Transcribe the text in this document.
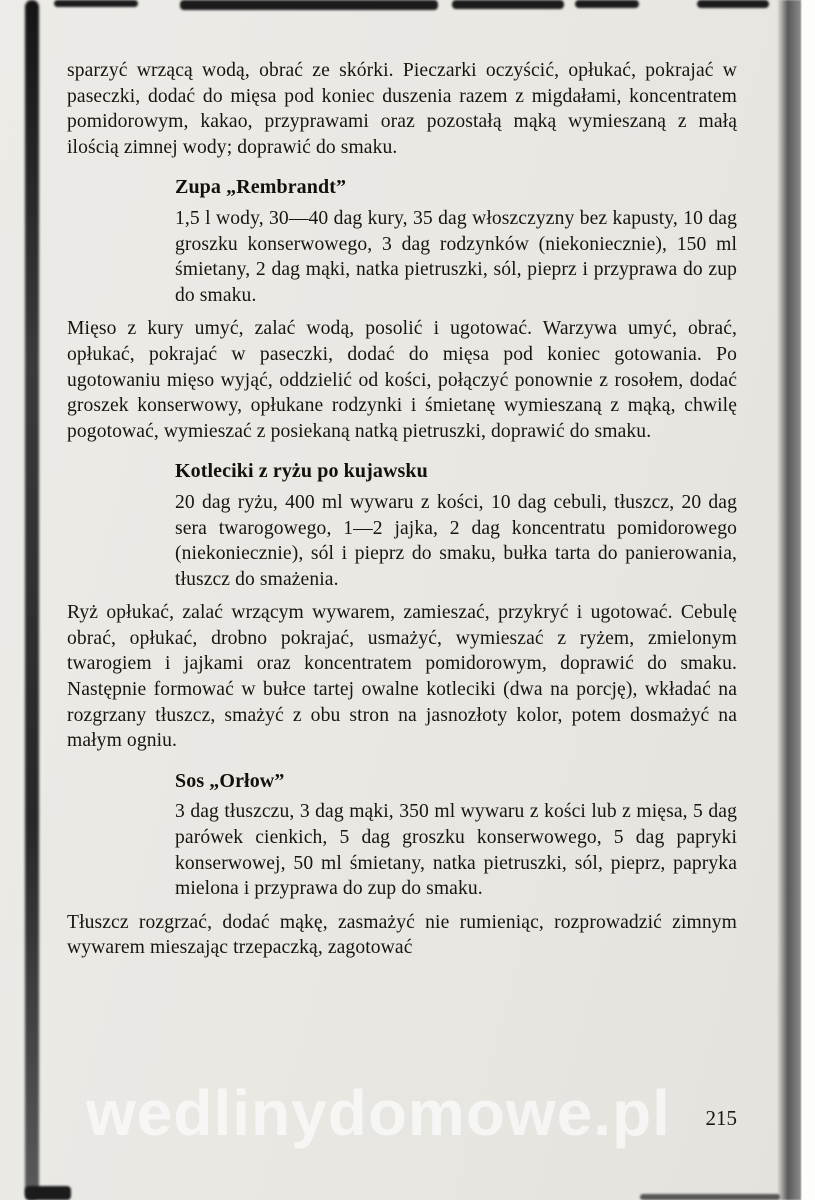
sparzyć wrzącą wodą, obrać ze skórki. Pieczarki oczyścić, opłukać, pokrajać w paseczki, dodać do mięsa pod koniec duszenia razem z migdałami, koncentratem pomidorowym, kakao, przyprawami oraz pozostałą mąką wymieszaną z małą ilością zimnej wody; doprawić do smaku.

Zupa „Rembrandt”

1,5 l wody, 30—40 dag kury, 35 dag włoszczyzny bez kapusty, 10 dag groszku konserwowego, 3 dag rodzynków (niekoniecznie), 150 ml śmietany, 2 dag mąki, natka pietruszki, sól, pieprz i przyprawa do zup do smaku.

Mięso z kury umyć, zalać wodą, posolić i ugotować. Warzywa umyć, obrać, opłukać, pokrajać w paseczki, dodać do mięsa pod koniec gotowania. Po ugotowaniu mięso wyjąć, oddzielić od kości, połączyć ponownie z rosołem, dodać groszek konserwowy, opłukane rodzynki i śmietanę wymieszaną z mąką, chwilę pogotować, wymieszać z posiekaną natką pietruszki, doprawić do smaku.

Kotleciki z ryżu po kujawsku

20 dag ryżu, 400 ml wywaru z kości, 10 dag cebuli, tłuszcz, 20 dag sera twarogowego, 1—2 jajka, 2 dag koncentratu pomidorowego (niekoniecznie), sól i pieprz do smaku, bułka tarta do panierowania, tłuszcz do smażenia.

Ryż opłukać, zalać wrzącym wywarem, zamieszać, przykryć i ugotować. Cebulę obrać, opłukać, drobno pokrajać, usmażyć, wymieszać z ryżem, zmielonym twarogiem i jajkami oraz koncentratem pomidorowym, doprawić do smaku. Następnie formować w bułce tartej owalne kotleciki (dwa na porcję), wkładać na rozgrzany tłuszcz, smażyć z obu stron na jasnozłoty kolor, potem dosmażyć na małym ogniu.

Sos „Orłow”

3 dag tłuszczu, 3 dag mąki, 350 ml wywaru z kości lub z mięsa, 5 dag parówek cienkich, 5 dag groszku konserwowego, 5 dag papryki konserwowej, 50 ml śmietany, natka pietruszki, sól, pieprz, papryka mielona i przyprawa do zup do smaku.

Tłuszcz rozgrzać, dodać mąkę, zasmażyć nie rumieniąc, rozprowadzić zimnym wywarem mieszając trzepaczką, zagotować

wedlinydomowe.pl	215
